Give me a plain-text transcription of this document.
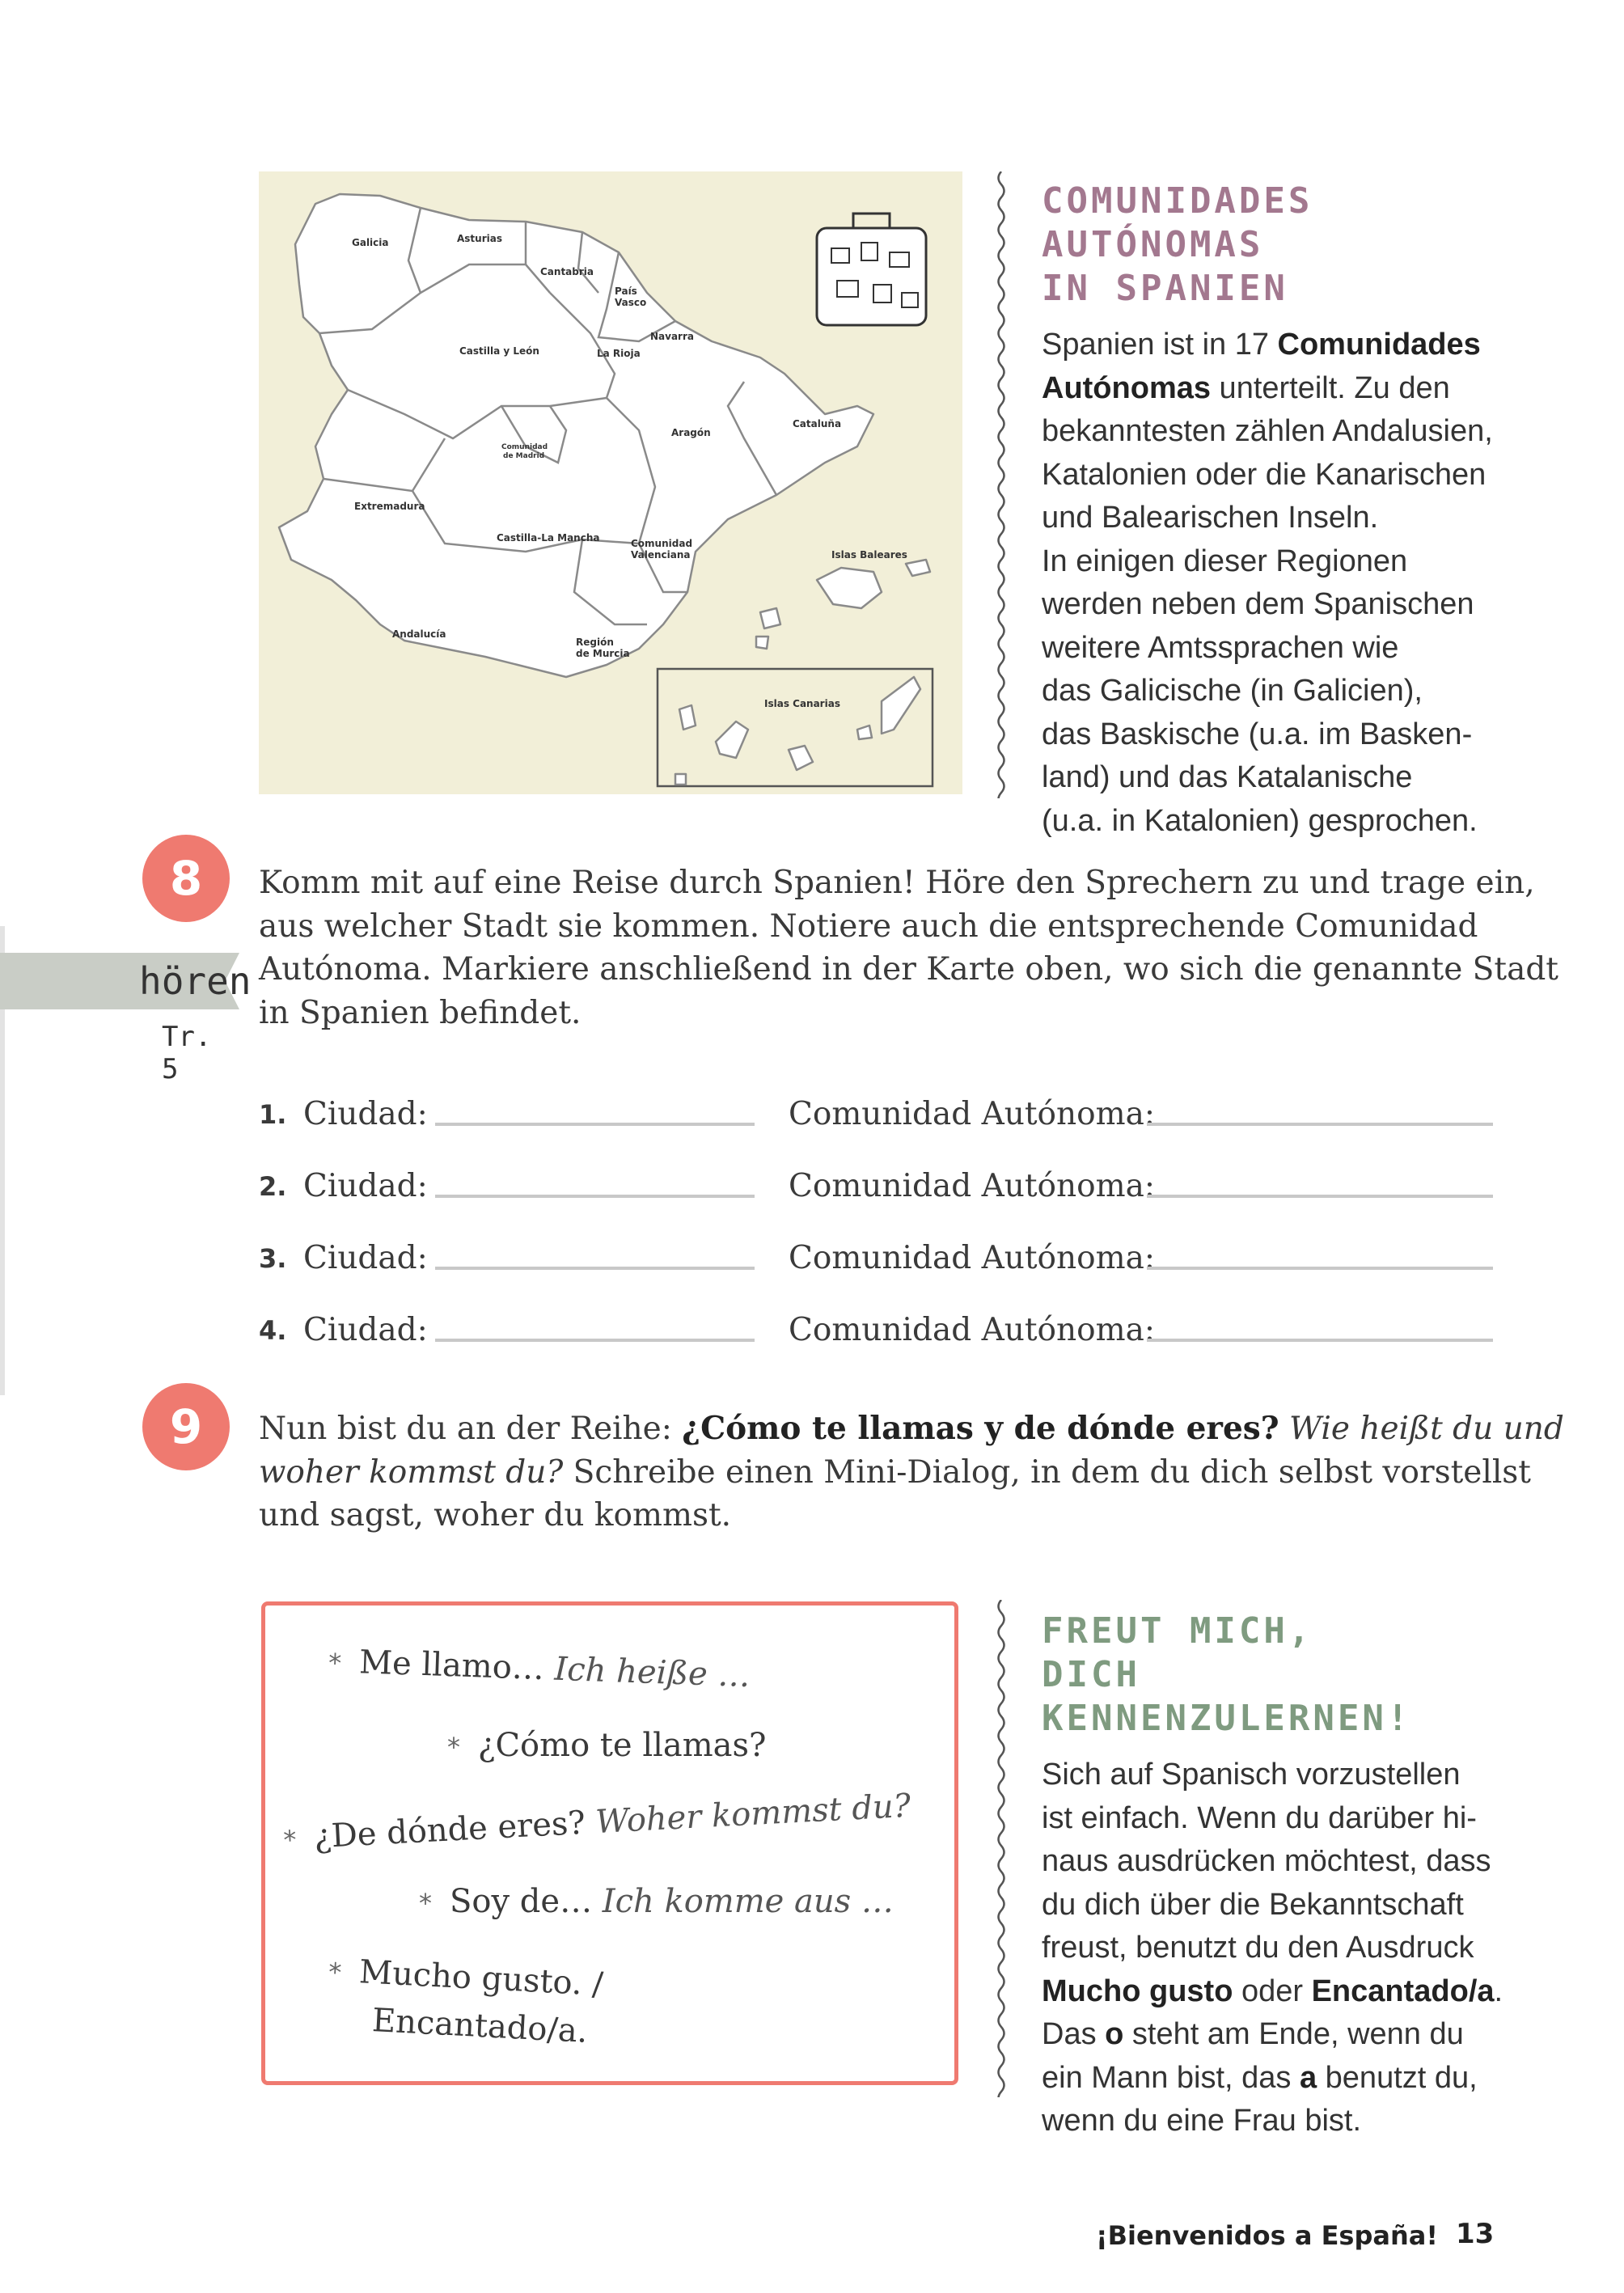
Galicia	Asturias
Cantabria
País
Vasco
Navarra
La Rioja
Castilla y León
Aragón
Cataluña
Comunidad
de Madrid
Extremadura
Castilla-La Mancha	Comunidad
Valenciana	Islas Baleares
Andalucía
Región
de Murcia
Islas Canarias
COMUNIDADES AUTÓNOMAS
IN SPANIEN
Spanien ist in 17 Comunidades
Autónomas unterteilt. Zu den
bekanntesten zählen Andalusien,
Katalonien oder die Kanarischen
und Balearischen Inseln.
In einigen dieser Regionen
werden neben dem Spanischen
weitere Amtssprachen wie
das Galicische (in Galicien),
das Baskische (u.a. im Basken-
land) und das Katalanische
(u.a. in Katalonien) gesprochen.
8
hören
Tr. 5
Komm mit auf eine Reise durch Spanien! Höre den Sprechern zu und trage ein,
aus welcher Stadt sie kommen. Notiere auch die entsprechende Comunidad
Autónoma. Markiere anschließend in der Karte oben, wo sich die genannte Stadt
in Spanien befindet.
1. Ciudad:	Comunidad Autónoma:
2. Ciudad:	Comunidad Autónoma:
3. Ciudad:	Comunidad Autónoma:
4. Ciudad:	Comunidad Autónoma:
9	Nun bist du an der Reihe: ¿Cómo te llamas y de dónde eres? Wie heißt du und
woher kommst du? Schreibe einen Mini-Dialog, in dem du dich selbst vorstellst
und sagst, woher du kommst.
* Me llamo… Ich heiße …
* ¿Cómo te llamas?
* ¿De dónde eres? Woher kommst du?
* Soy de… Ich komme aus …
* Mucho gusto. /
Encantado/a.
FREUT MICH,
DICH KENNENZULERNEN!
Sich auf Spanisch vorzustellen
ist einfach. Wenn du darüber hi-
naus ausdrücken möchtest, dass
du dich über die Bekanntschaft
freust, benutzt du den Ausdruck
Mucho gusto oder Encantado/a.
Das o steht am Ende, wenn du
ein Mann bist, das a benutzt du,
wenn du eine Frau bist.
¡Bienvenidos a España! 13
